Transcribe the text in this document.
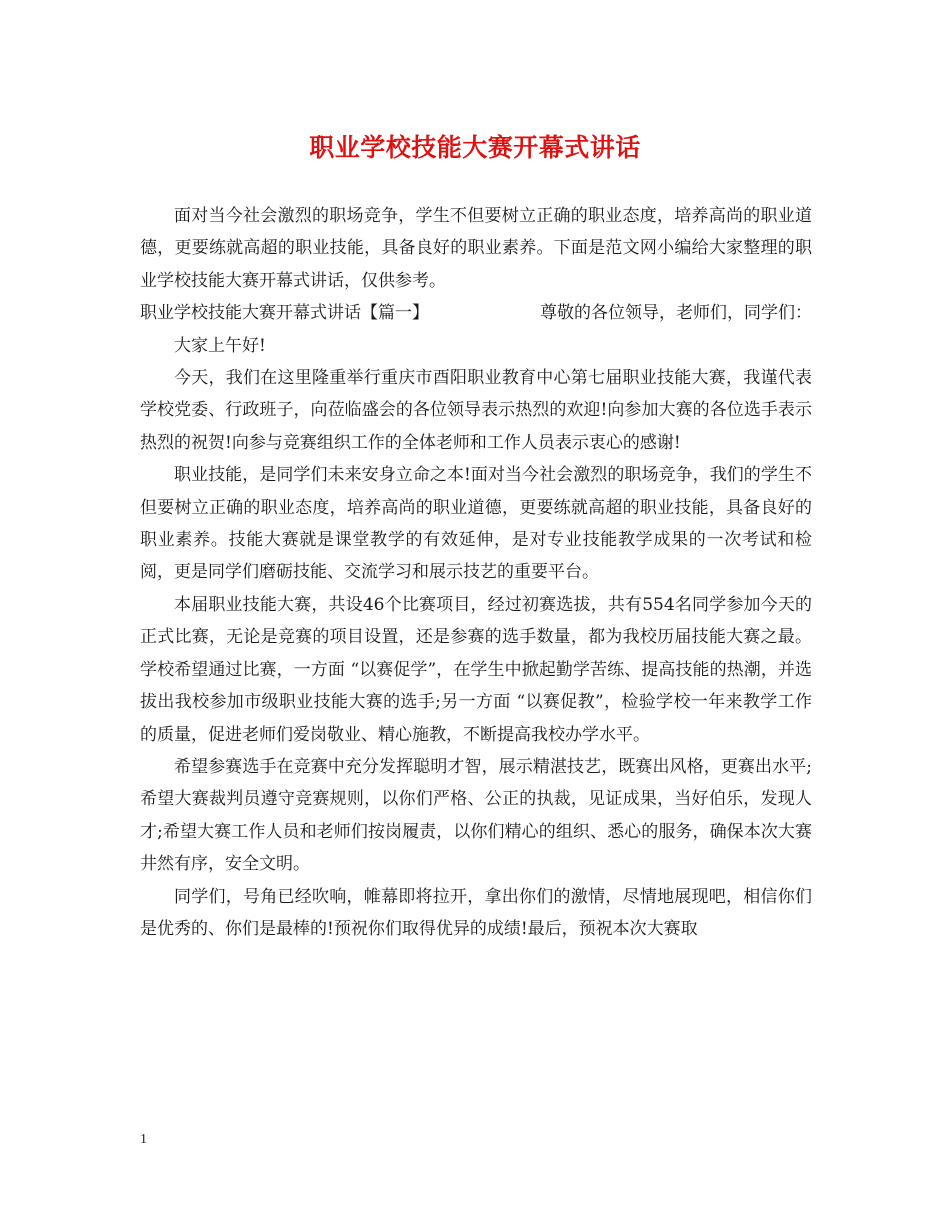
职业学校技能大赛开幕式讲话

面对当今社会激烈的职场竞争，学生不但要树立正确的职业态度，培养高尚的职业道德，更要练就高超的职业技能，具备良好的职业素养。下面是范文网小编给大家整理的职业学校技能大赛开幕式讲话，仅供参考。

职业学校技能大赛开幕式讲话【篇一】	尊敬的各位领导，老师们，同学们：

大家上午好!

今天，我们在这里隆重举行重庆市酉阳职业教育中心第七届职业技能大赛，我谨代表学校党委、行政班子，向莅临盛会的各位领导表示热烈的欢迎!向参加大赛的各位选手表示热烈的祝贺!向参与竞赛组织工作的全体老师和工作人员表示衷心的感谢!

职业技能，是同学们未来安身立命之本!面对当今社会激烈的职场竞争，我们的学生不但要树立正确的职业态度，培养高尚的职业道德，更要练就高超的职业技能，具备良好的职业素养。技能大赛就是课堂教学的有效延伸，是对专业技能教学成果的一次考试和检阅，更是同学们磨砺技能、交流学习和展示技艺的重要平台。

本届职业技能大赛，共设46个比赛项目，经过初赛选拔，共有554名同学参加今天的正式比赛，无论是竞赛的项目设置，还是参赛的选手数量，都为我校历届技能大赛之最。学校希望通过比赛，一方面 “以赛促学”，在学生中掀起勤学苦练、提高技能的热潮，并选拔出我校参加市级职业技能大赛的选手;另一方面 “以赛促教”，检验学校一年来教学工作的质量，促进老师们爱岗敬业、精心施教，不断提高我校办学水平。

希望参赛选手在竞赛中充分发挥聪明才智，展示精湛技艺，既赛出风格，更赛出水平;希望大赛裁判员遵守竞赛规则，以你们严格、公正的执裁，见证成果，当好伯乐，发现人才;希望大赛工作人员和老师们按岗履责，以你们精心的组织、悉心的服务，确保本次大赛井然有序，安全文明。

同学们，号角已经吹响，帷幕即将拉开，拿出你们的激情，尽情地展现吧，相信你们是优秀的、你们是最棒的!预祝你们取得优异的成绩!最后，预祝本次大赛取

1
